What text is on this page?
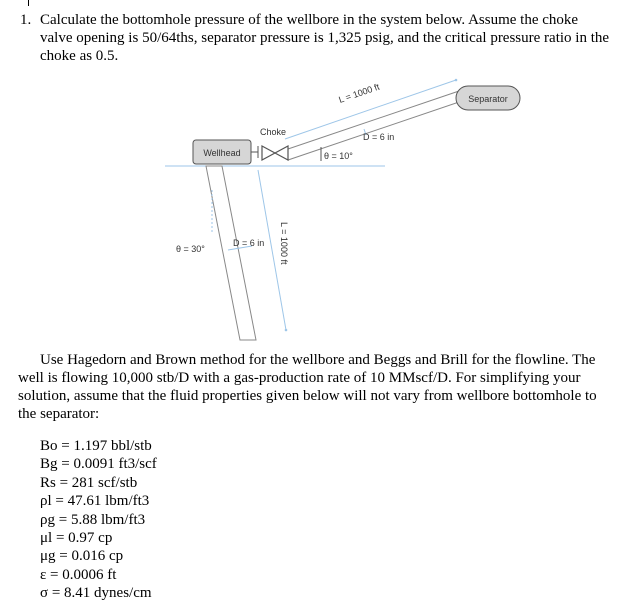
1. Calculate the bottomhole pressure of the wellbore in the system below. Assume the choke valve opening is 50/64ths, separator pressure is 1,325 psig, and the critical pressure ratio in the choke as 0.5.
Separator
Wellhead
Choke
L = 1000 ft
D = 6 in
θ = 10°
θ = 30°
D = 6 in L = 1000 ft
Use Hagedorn and Brown method for the wellbore and Beggs and Brill for the flowline. The well is flowing 10,000 stb/D with a gas-production rate of 10 MMscf/D. For simplifying your solution, assume that the fluid properties given below will not vary from wellbore bottomhole to the separator:
Bo = 1.197 bbl/stb
Bg = 0.0091 ft3/scf
Rs = 281 scf/stb
ρl = 47.61 lbm/ft3
ρg = 5.88 lbm/ft3
μl = 0.97 cp
μg = 0.016 cp
ε = 0.0006 ft
σ = 8.41 dynes/cm
